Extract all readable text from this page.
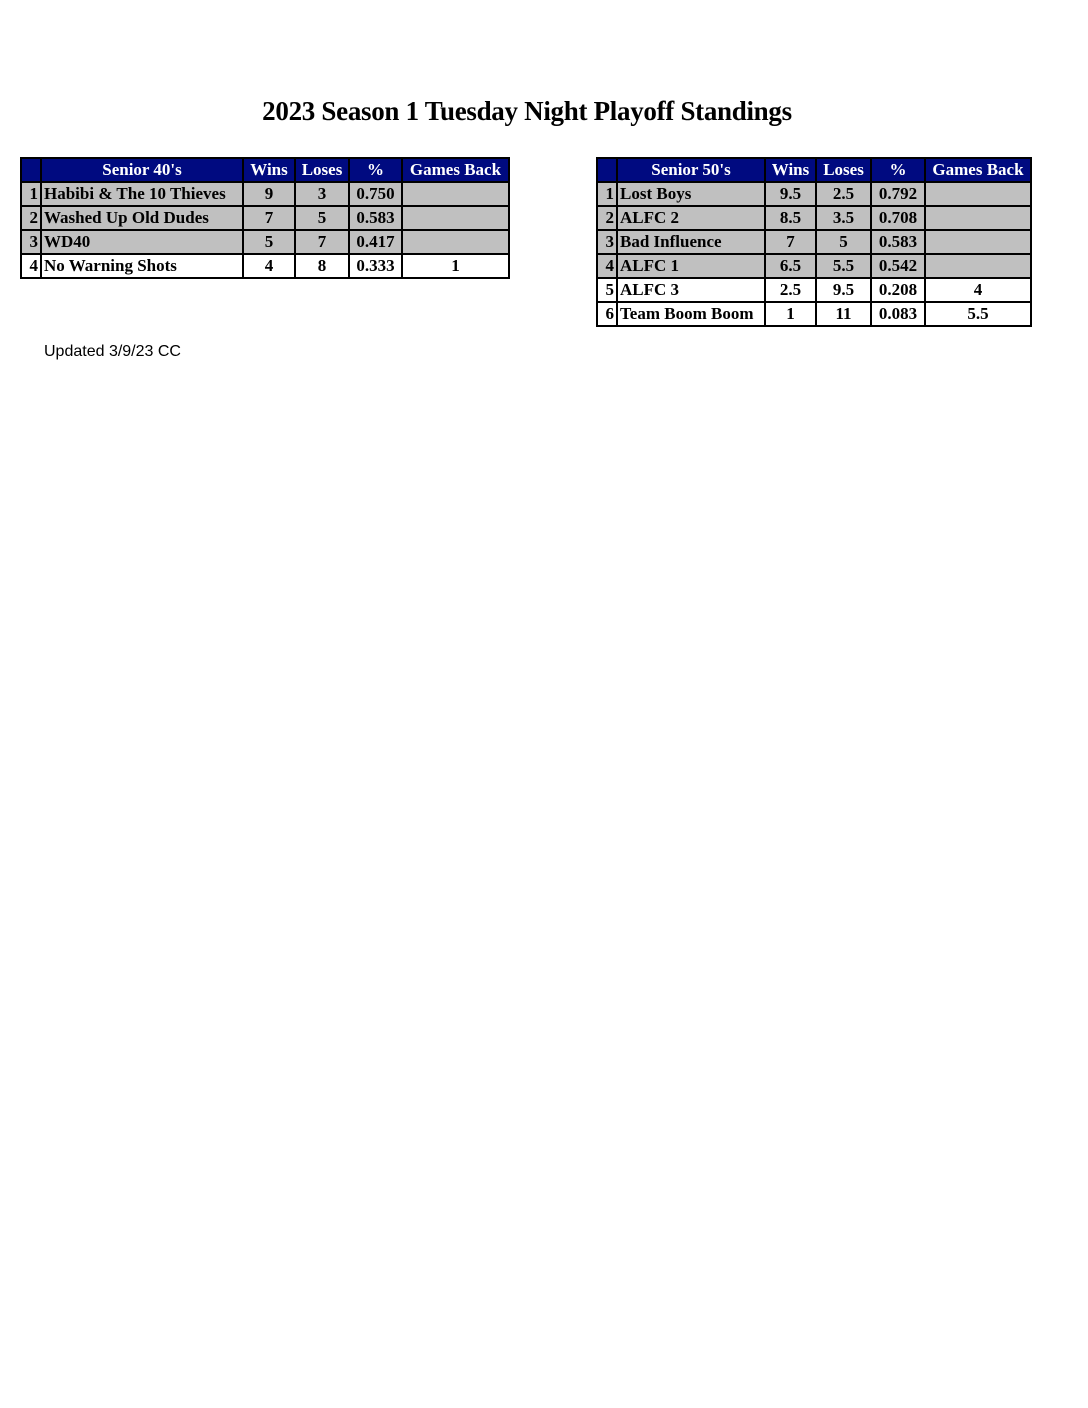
2023 Season 1 Tuesday Night Playoff Standings
	Senior 40's	Wins	Loses	%	Games Back
1	Habibi & The 10 Thieves	9	3	0.750	
2	Washed Up Old Dudes	7	5	0.583	
3	WD40	5	7	0.417	
4	No Warning Shots	4	8	0.333	1
	Senior 50's	Wins	Loses	%	Games Back
1	Lost Boys	9.5	2.5	0.792	
2	ALFC 2	8.5	3.5	0.708	
3	Bad Influence	7	5	0.583	
4	ALFC 1	6.5	5.5	0.542	
5	ALFC 3	2.5	9.5	0.208	4
6	Team Boom Boom	1	11	0.083	5.5
Updated 3/9/23 CC
